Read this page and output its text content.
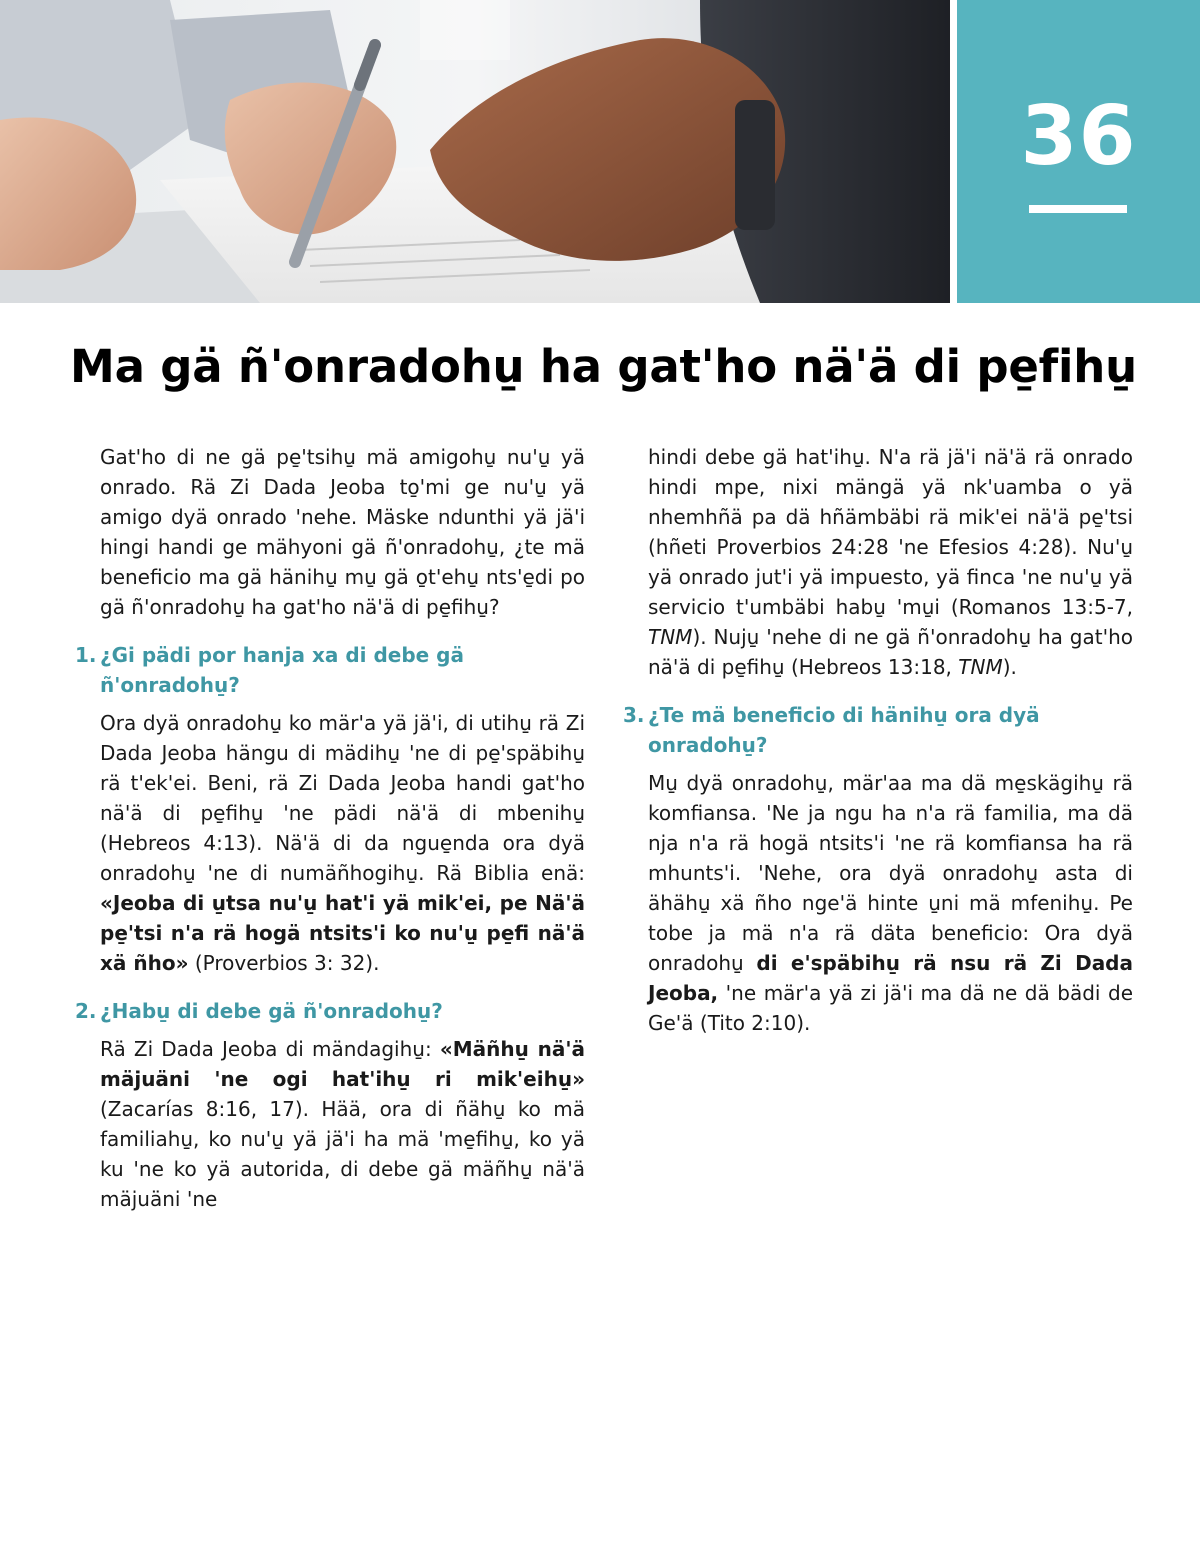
36
Ma gä ñ'onradohu̱ ha gat'ho nä'ä di pe̱fihu̱

Gat'ho di ne gä pe̱'tsihu̱ mä amigohu̱ nu'u̱ yä onrado. Rä Zi Dada Jeoba to̱'mi ge nu'u̱ yä amigo dyä onrado 'nehe. Mäske ndunthi yä jä'i hingi handi ge mähyoni gä ñ'onradohu̱, ¿te mä beneficio ma gä hänihu̱ mu̱ gä o̱t'ehu̱ nts'e̱di po gä ñ'onradohu̱ ha gat'ho nä'ä di pe̱fihu̱?

1. ¿Gi pädi por hanja xa di debe gä ñ'onradohu̱?

Ora dyä onradohu̱ ko mär'a yä jä'i, di utihu̱ rä Zi Dada Jeoba hängu di mädihu̱ 'ne di pe̱'späbihu̱ rä t'ek'ei. Beni, rä Zi Dada Jeoba handi gat'ho nä'ä di pe̱fihu̱ 'ne pädi nä'ä di mbenihu̱ (Hebreos 4:13). Nä'ä di da ngue̱nda ora dyä onradohu̱ 'ne di numäñhogihu̱. Rä Biblia enä: «Jeoba di u̱tsa nu'u̱ hat'i yä mik'ei, pe Nä'ä pe̱'tsi n'a rä hogä ntsits'i ko nu'u̱ pe̱fi nä'ä xä ñho» (Proverbios 3: 32).

2. ¿Habu̱ di debe gä ñ'onradohu̱?

Rä Zi Dada Jeoba di mändagihu̱: «Mäñhu̱ nä'ä mäjuäni 'ne ogi hat'ihu̱ ri mik'eihu̱» (Zacarías 8:16, 17). Hää, ora di ñähu̱ ko mä familiahu̱, ko nu'u̱ yä jä'i ha mä 'me̱fihu̱, ko yä ku 'ne ko yä autorida, di debe gä mäñhu̱ nä'ä mäjuäni 'ne

hindi debe gä hat'ihu̱. N'a rä jä'i nä'ä rä onrado hindi mpe, nixi mängä yä nk'uamba o yä nhemhñä pa dä hñämbäbi rä mik'ei nä'ä pe̱'tsi (hñeti Proverbios 24:28 'ne Efesios 4:28). Nu'u̱ yä onrado jut'i yä impuesto, yä finca 'ne nu'u̱ yä servicio t'umbäbi habu̱ 'mu̱i (Romanos 13:5-7, TNM). Nuju̱ 'nehe di ne gä ñ'onradohu̱ ha gat'ho nä'ä di pe̱fihu̱ (Hebreos 13:18, TNM).

3. ¿Te mä beneficio di hänihu̱ ora dyä onradohu̱?

Mu̱ dyä onradohu̱, mär'aa ma dä me̱skägihu̱ rä komfiansa. 'Ne ja ngu ha n'a rä familia, ma dä nja n'a rä hogä ntsits'i 'ne rä komfiansa ha rä mhunts'i. 'Nehe, ora dyä onradohu̱ asta di ähähu̱ xä ñho nge'ä hinte u̱ni mä mfenihu̱. Pe tobe ja mä n'a rä däta beneficio: Ora dyä onradohu̱ di e'späbihu̱ rä nsu rä Zi Dada Jeoba, 'ne mär'a yä zi jä'i ma dä ne dä bädi de Ge'ä (Tito 2:10).
